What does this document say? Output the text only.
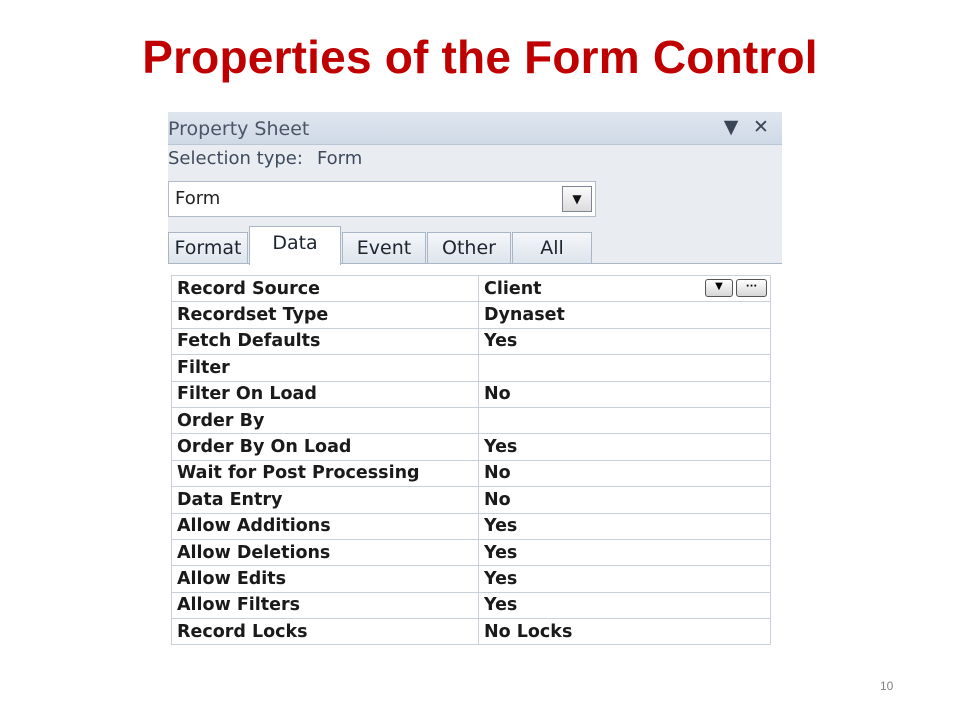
Properties of the Form Control
Property Sheet	▼ ✕
Selection type: Form
Form	▼
Format	Data	Event	Other	All
Record Source	Client ▼ ···

Recordset Type	Dynaset
Fetch Defaults	Yes
Filter	
Filter On Load	No
Order By	
Order By On Load	Yes
Wait for Post Processing	No
Data Entry	No
Allow Additions	Yes
Allow Deletions	Yes
Allow Edits	Yes
Allow Filters	Yes
Record Locks	No Locks
10
